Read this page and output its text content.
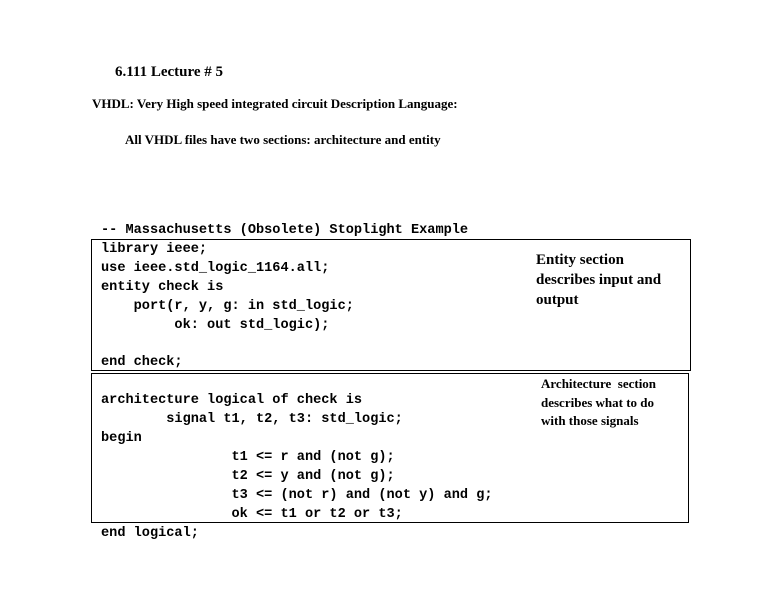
6.111 Lecture # 5
VHDL: Very High speed integrated circuit Description Language:
All VHDL files have two sections: architecture and entity
-- Massachusetts (Obsolete) Stoplight Example
library ieee;
use ieee.std_logic_1164.all;
entity check is
port(r, y, g: in std_logic;
ok: out std_logic);
end check;
architecture logical of check is
signal t1, t2, t3: std_logic;
begin
t1 <= r and (not g);
t2 <= y and (not g);
t3 <= (not r) and (not y) and g;
ok <= t1 or t2 or t3;
end logical;
Entity section
describes input and
output
Architecture  section
describes what to do
with those signals
